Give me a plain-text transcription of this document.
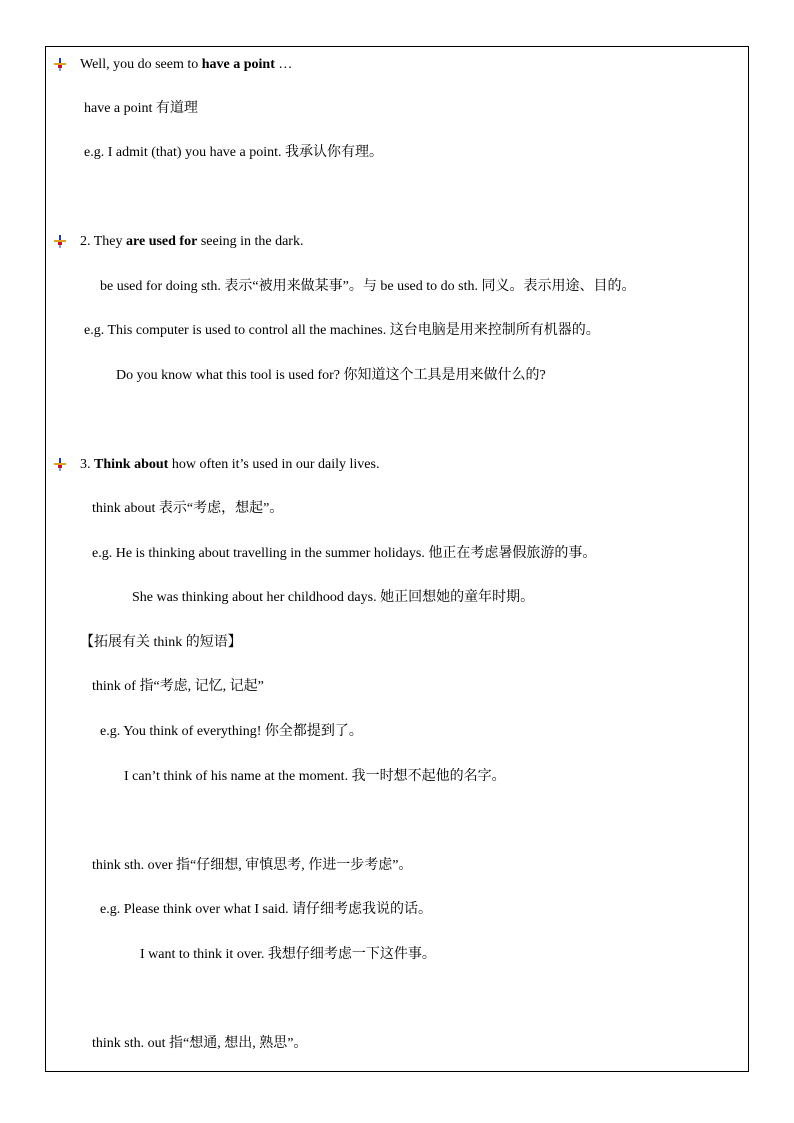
Well, you do seem to have a point …
have a point 有道理
e.g. I admit (that) you have a point. 我承认你有理。
2. They are used for seeing in the dark.
be used for doing sth. 表示“被用来做某事”。与 be used to do sth. 同义。表示用途、目的。
e.g. This computer is used to control all the machines. 这台电脑是用来控制所有机器的。
Do you know what this tool is used for? 你知道这个工具是用来做什么的?
3. Think about how often it’s used in our daily lives.
think about 表示“考虑，想起”。
e.g. He is thinking about travelling in the summer holidays. 他正在考虑暑假旅游的事。
She was thinking about her childhood days. 她正回想她的童年时期。
【拓展有关 think 的短语】
think of 指“考虑, 记忆, 记起”
e.g. You think of everything! 你全都提到了。
I can’t think of his name at the moment. 我一时想不起他的名字。
think sth. over 指“仔细想, 审慎思考, 作进一步考虑”。
e.g. Please think over what I said. 请仔细考虑我说的话。
I want to think it over. 我想仔细考虑一下这件事。
think sth. out 指“想通, 想出, 熟思”。
